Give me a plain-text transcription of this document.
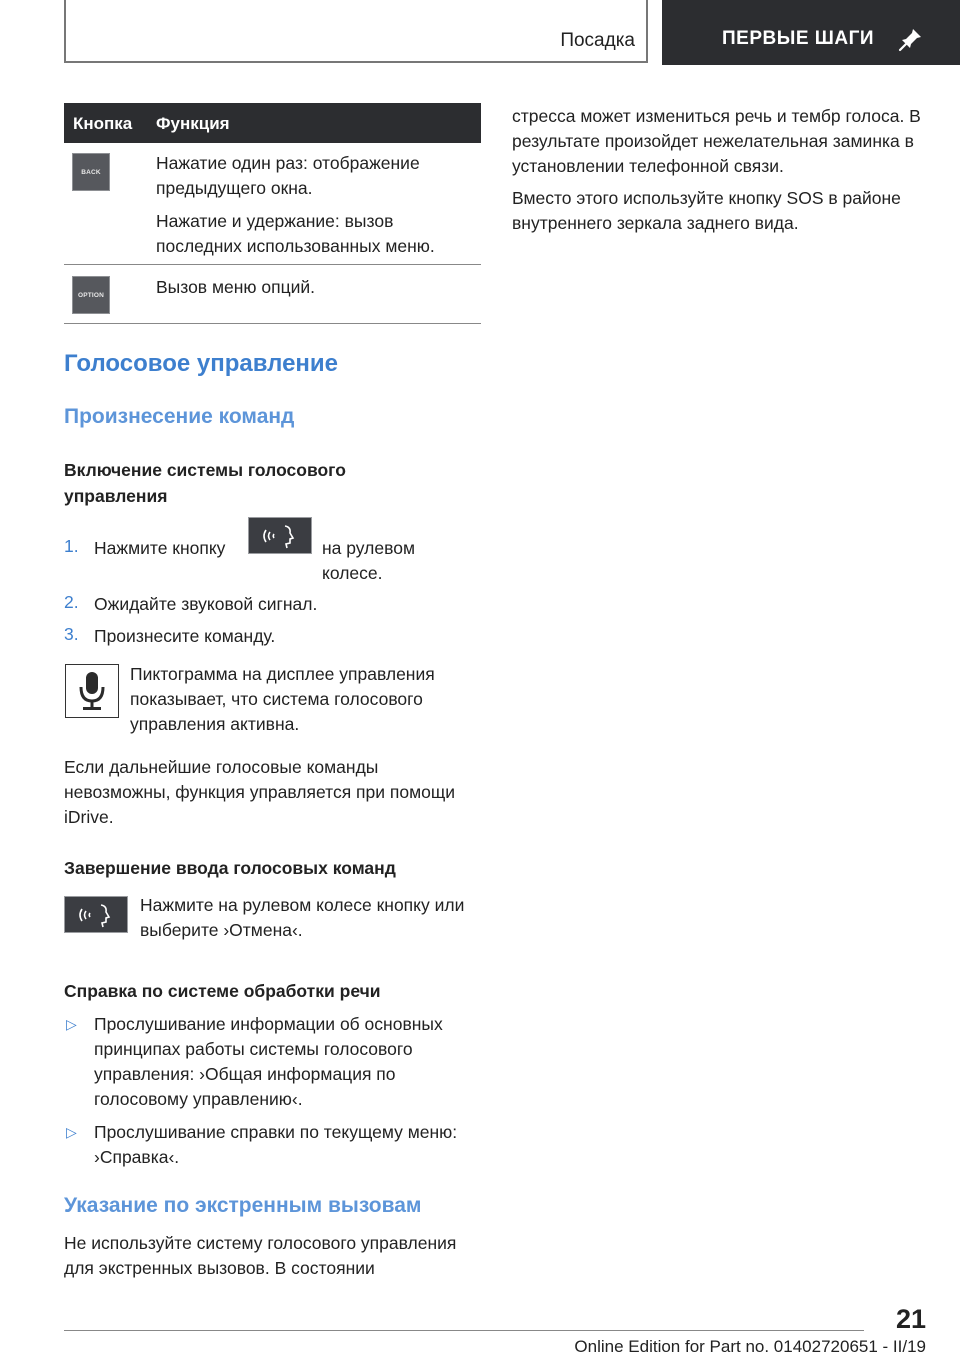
Посадка	ПЕРВЫЕ ШАГИ
Кнопка Функция
BACK	Нажатие один раз: отображение предыдущего окна.

Нажатие и удержание: вызов последних использованных меню.

OPTION	Вызов меню опций.

Голосовое управление
Произнесение команд
Включение системы голосового управления
1. Нажмите кнопку	на рулевом колесе.
2. Ожидайте звуковой сигнал.
3. Произнесите команду.
Пиктограмма на дисплее управления показывает, что система голосового управления активна.
Если дальнейшие голосовые команды невозможны, функция управляется при помощи iDrive.
Завершение ввода голосовых команд
Нажмите на рулевом колесе кнопку или выберите ›Отмена‹.
Справка по системе обработки речи
▷ Прослушивание информации об основных принципах работы системы голосового управления: ›Общая информация по голосовому управлению‹.
▷ Прослушивание справки по текущему меню: ›Справка‹.
Указание по экстренным вызовам
Не используйте систему голосового управления для экстренных вызовов. В состоянии
стресса может измениться речь и тембр голоса. В результате произойдет нежелательная заминка в установлении телефонной связи.
Вместо этого используйте кнопку SOS в районе внутреннего зеркала заднего вида.
21
Online Edition for Part no. 01402720651 - II/19
